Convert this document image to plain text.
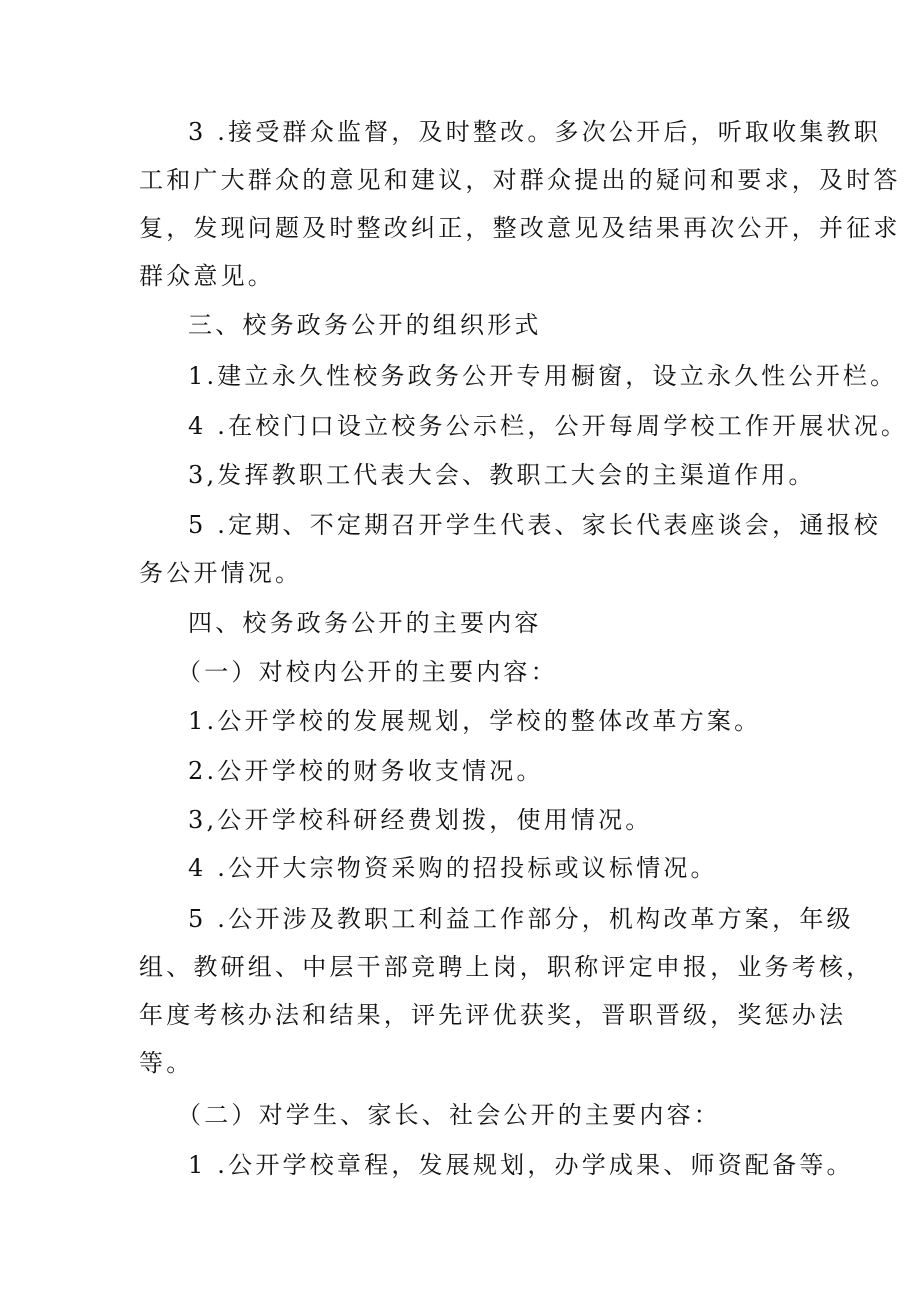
3 .接受群众监督，及时整改。多次公开后，听取收集教职
工和广大群众的意见和建议，对群众提出的疑问和要求，及时答
复，发现问题及时整改纠正，整改意见及结果再次公开，并征求
群众意见。
三、校务政务公开的组织形式
1.建立永久性校务政务公开专用橱窗，设立永久性公开栏。
4 .在校门口设立校务公示栏，公开每周学校工作开展状况。
3,发挥教职工代表大会、教职工大会的主渠道作用。
5 .定期、不定期召开学生代表、家长代表座谈会，通报校
务公开情况。
四、校务政务公开的主要内容
（一）对校内公开的主要内容：
1.公开学校的发展规划，学校的整体改革方案。
2.公开学校的财务收支情况。
3,公开学校科研经费划拨，使用情况。
4 .公开大宗物资采购的招投标或议标情况。
5 .公开涉及教职工利益工作部分，机构改革方案，年级
组、教研组、中层干部竞聘上岗，职称评定申报，业务考核，
年度考核办法和结果，评先评优获奖，晋职晋级，奖惩办法
等。
（二）对学生、家长、社会公开的主要内容：
1 .公开学校章程，发展规划，办学成果、师资配备等。
